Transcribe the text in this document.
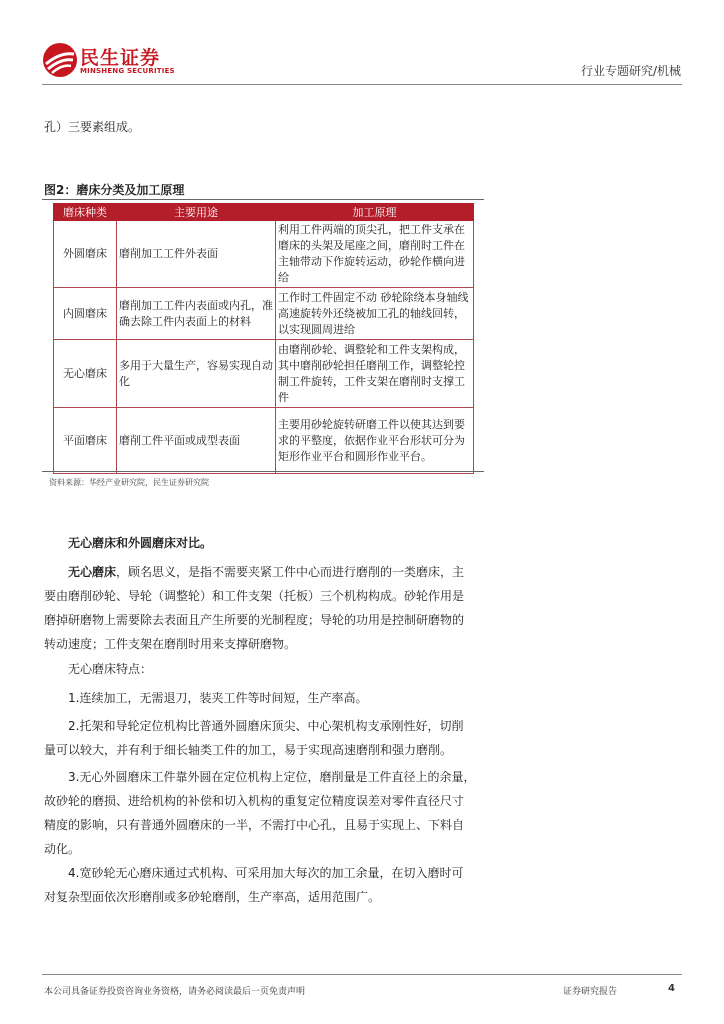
民生证券
MINSHENG SECURITIES	行业专题研究/机械
孔）三要素组成。
图2：磨床分类及加工原理
磨床种类	主要用途	加工原理
外圆磨床	磨削加工工件外表面	利用工件两端的顶尖孔，把工件支承在磨床的头架及尾座之间，磨削时工件在主轴带动下作旋转运动，砂轮作横向进给
内圆磨床	磨削加工工件内表面或内孔，准确去除工件内表面上的材料	工作时工件固定不动 砂轮除绕本身轴线高速旋转外还绕被加工孔的轴线回转，以实现圆周进给
无心磨床	多用于大量生产，容易实现自动化	由磨削砂轮、调整轮和工件支架构成，其中磨削砂轮担任磨削工作，调整轮控制工件旋转，工件支架在磨削时支撑工件
平面磨床	磨削工件平面或成型表面	主要用砂轮旋转研磨工件以使其达到要求的平整度，依据作业平台形状可分为矩形作业平台和圆形作业平台。
资料来源：华经产业研究院，民生证券研究院
无心磨床和外圆磨床对比。
无心磨床，顾名思义，是指不需要夹紧工件中心而进行磨削的一类磨床，主
要由磨削砂轮、导轮（调整轮）和工件支架（托板）三个机构构成。砂轮作用是
磨掉研磨物上需要除去表面且产生所要的光制程度；导轮的功用是控制研磨物的
转动速度；工件支架在磨削时用来支撑研磨物。
无心磨床特点：
1.连续加工，无需退刀，装夹工件等时间短，生产率高。
2.托架和导轮定位机构比普通外圆磨床顶尖、中心架机构支承刚性好，切削
量可以较大，并有利于细长轴类工件的加工，易于实现高速磨削和强力磨削。
3.无心外圆磨床工件靠外圆在定位机构上定位，磨削量是工件直径上的余量，
故砂轮的磨损、进给机构的补偿和切入机构的重复定位精度误差对零件直径尺寸
精度的影响，只有普通外圆磨床的一半，不需打中心孔，且易于实现上、下料自
动化。
4.宽砂轮无心磨床通过式机构、可采用加大每次的加工余量，在切入磨时可
对复杂型面依次形磨削或多砂轮磨削，生产率高，适用范围广。
本公司具备证券投资咨询业务资格，请务必阅读最后一页免责声明	证券研究报告	4
